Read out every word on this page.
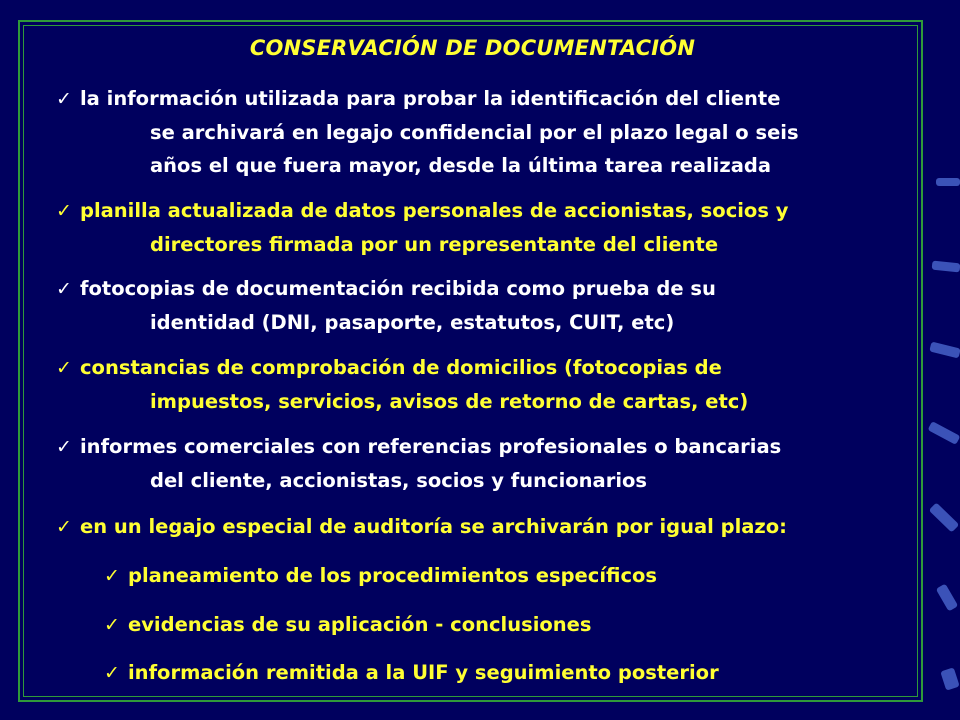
CONSERVACIÓN DE DOCUMENTACIÓN
✓ la información utilizada para probar la identificación del cliente
se archivará en legajo confidencial por el plazo legal o seis
años el que fuera mayor, desde la última tarea realizada
✓ planilla actualizada de datos personales de accionistas, socios y
directores firmada por un representante del cliente
✓ fotocopias de documentación recibida como prueba de su
identidad (DNI, pasaporte, estatutos, CUIT, etc)
✓ constancias de comprobación de domicilios (fotocopias de
impuestos, servicios, avisos de retorno de cartas, etc)
✓ informes comerciales con referencias profesionales o bancarias
del cliente, accionistas, socios y funcionarios
✓ en un legajo especial de auditoría se archivarán por igual plazo:
✓ planeamiento de los procedimientos específicos
✓ evidencias de su aplicación - conclusiones
✓ información remitida a la UIF y seguimiento posterior
